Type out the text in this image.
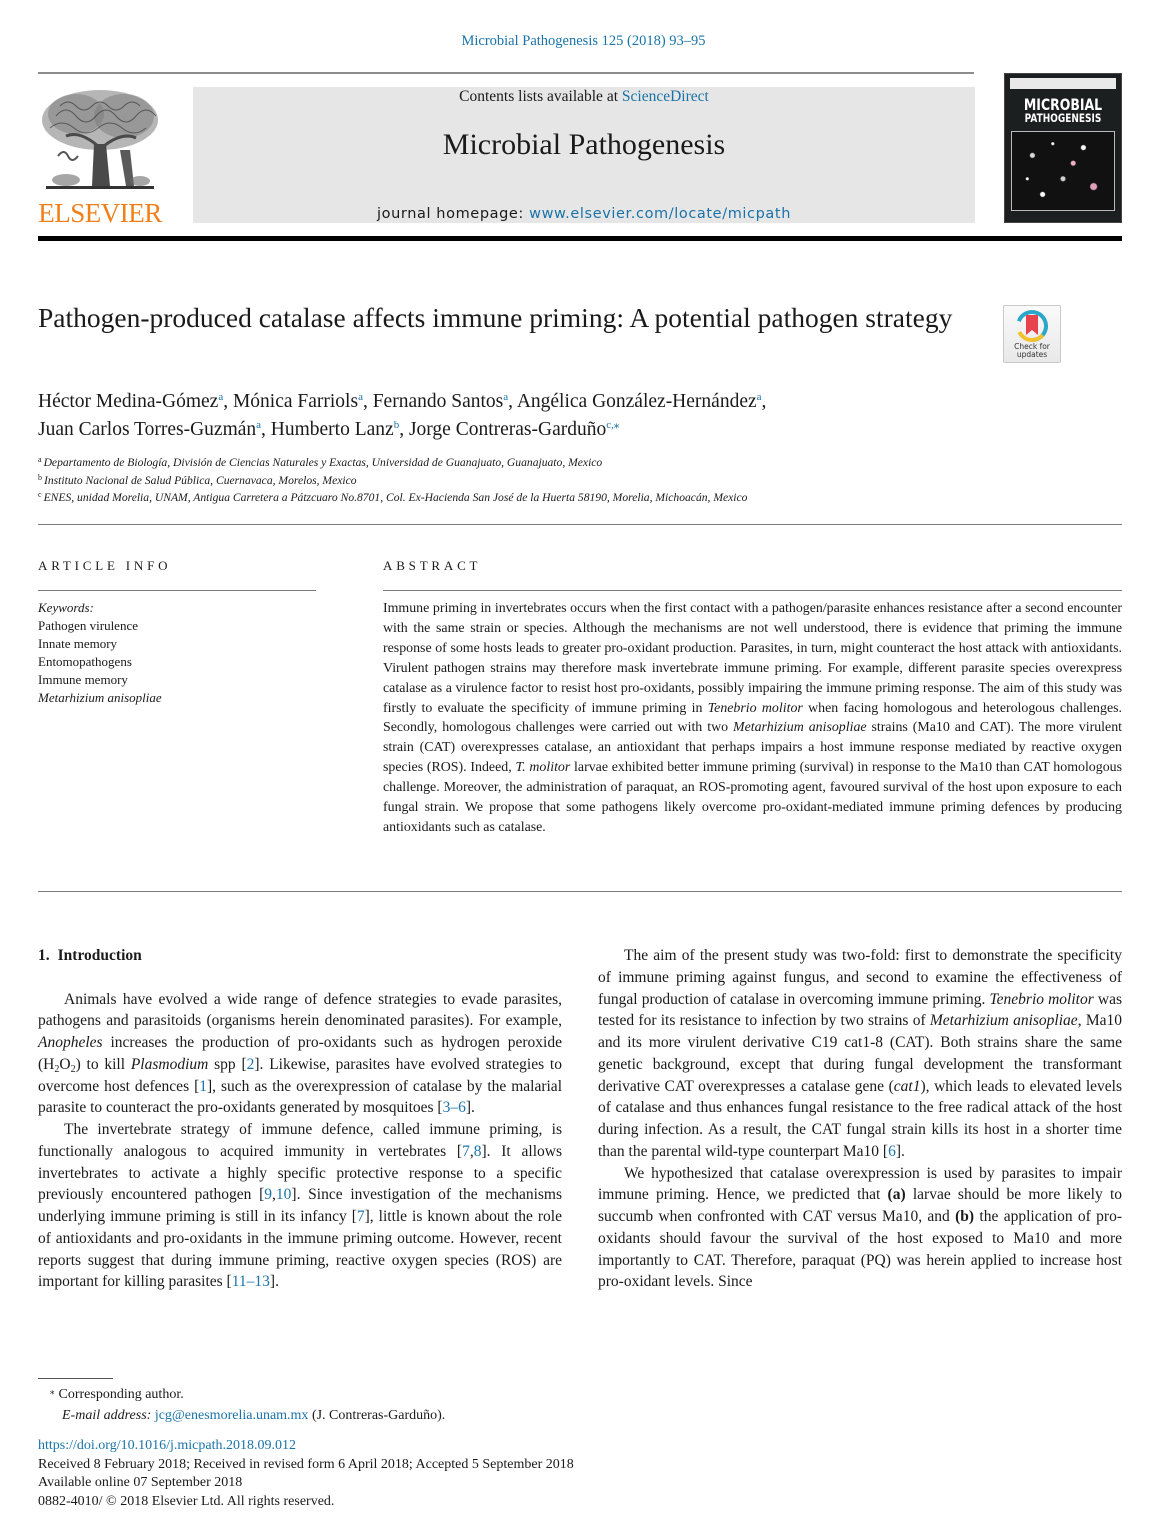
Microbial Pathogenesis 125 (2018) 93–95
ELSEVIER
Contents lists available at ScienceDirect
Microbial Pathogenesis
journal homepage: www.elsevier.com/locate/micpath
MICROBIAL
PATHOGENESIS
Pathogen-produced catalase affects immune priming: A potential pathogen strategy
Check for
updates
Héctor Medina-Gómez$^a$, Mónica Farriols$^a$, Fernando Santos$^a$, Angélica González-Hernández$^a$,
Juan Carlos Torres-Guzmán$^a$, Humberto Lanz$^b$, Jorge Contreras-Garduño$^{c,⁎}$
$^a$ Departamento de Biología, División de Ciencias Naturales y Exactas, Universidad de Guanajuato, Guanajuato, Mexico
$^b$ Instituto Nacional de Salud Pública, Cuernavaca, Morelos, Mexico
$^c$ ENES, unidad Morelia, UNAM, Antigua Carretera a Pátzcuaro No.8701, Col. Ex-Hacienda San José de la Huerta 58190, Morelia, Michoacán, Mexico
ARTICLE INFO	ABSTRACT
Keywords:
Pathogen virulence
Innate memory
Entomopathogens
Immune memory
Metarhizium anisopliae
Immune priming in invertebrates occurs when the first contact with a pathogen/parasite enhances resistance after a second encounter with the same strain or species. Although the mechanisms are not well understood, there is evidence that priming the immune response of some hosts leads to greater pro-oxidant production. Parasites, in turn, might counteract the host attack with antioxidants. Virulent pathogen strains may therefore mask invertebrate immune priming. For example, different parasite species overexpress catalase as a virulence factor to resist host pro-oxidants, possibly impairing the immune priming response. The aim of this study was firstly to evaluate the specificity of immune priming in Tenebrio molitor when facing homologous and heterologous challenges. Secondly, homologous challenges were carried out with two Metarhizium anisopliae strains (Ma10 and CAT). The more virulent strain (CAT) overexpresses catalase, an antioxidant that perhaps impairs a host immune response mediated by reactive oxygen species (ROS). Indeed, T. molitor larvae exhibited better immune priming (survival) in response to the Ma10 than CAT homologous challenge. Moreover, the administration of paraquat, an ROS-promoting agent, favoured survival of the host upon exposure to each fungal strain. We propose that some pathogens likely overcome pro-oxidant-mediated immune priming defences by producing antioxidants such as catalase.
1. Introduction

Animals have evolved a wide range of defence strategies to evade parasites, pathogens and parasitoids (organisms herein denominated parasites). For example, Anopheles increases the production of pro-oxidants such as hydrogen peroxide $(H_2O_2)$ to kill Plasmodium spp [2]. Likewise, parasites have evolved strategies to overcome host defences [1], such as the overexpression of catalase by the malarial parasite to counteract the pro-oxidants generated by mosquitoes [3–6].

The invertebrate strategy of immune defence, called immune priming, is functionally analogous to acquired immunity in vertebrates [7,8]. It allows invertebrates to activate a highly specific protective response to a specific previously encountered pathogen [9,10]. Since investigation of the mechanisms underlying immune priming is still in its infancy [7], little is known about the role of antioxidants and pro-oxidants in the immune priming outcome. However, recent reports suggest that during immune priming, reactive oxygen species (ROS) are important for killing parasites [11–13].

The aim of the present study was two-fold: first to demonstrate the specificity of immune priming against fungus, and second to examine the effectiveness of fungal production of catalase in overcoming immune priming. Tenebrio molitor was tested for its resistance to infection by two strains of Metarhizium anisopliae, Ma10 and its more virulent derivative C19 cat1-8 (CAT). Both strains share the same genetic background, except that during fungal development the transformant derivative CAT overexpresses a catalase gene (cat1), which leads to elevated levels of catalase and thus enhances fungal resistance to the free radical attack of the host during infection. As a result, the CAT fungal strain kills its host in a shorter time than the parental wild-type counterpart Ma10 [6].

We hypothesized that catalase overexpression is used by parasites to impair immune priming. Hence, we predicted that (a) larvae should be more likely to succumb when confronted with CAT versus Ma10, and (b) the application of pro-oxidants should favour the survival of the host exposed to Ma10 and more importantly to CAT. Therefore, paraquat (PQ) was herein applied to increase host pro-oxidant levels. Since

⁎ Corresponding author.
E-mail address: jcg@enesmorelia.unam.mx (J. Contreras-Garduño).
https://doi.org/10.1016/j.micpath.2018.09.012
Received 8 February 2018; Received in revised form 6 April 2018; Accepted 5 September 2018
Available online 07 September 2018
0882-4010/ © 2018 Elsevier Ltd. All rights reserved.
